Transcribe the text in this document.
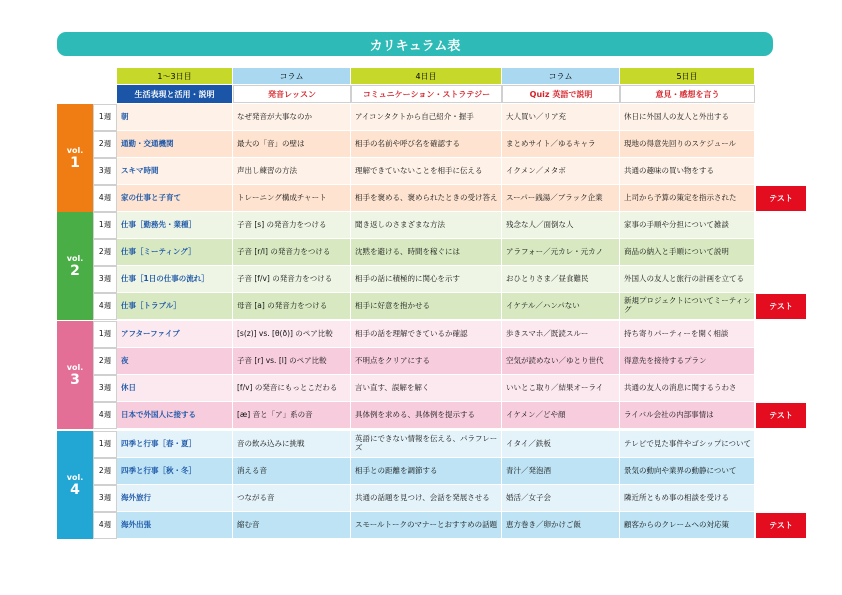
カリキュラム表
1～3日目	コラム	4日目	コラム	5日目
生活表現と活用・説明	発音レッスン	コミュニケーション・ストラテジー	Quiz 英語で説明	意見・感想を言う
vol.
1
1週	朝	なぜ発音が大事なのか	アイコンタクトから自己紹介・握手	大人買い／リア充	休日に外国人の友人と外出する
2週	通勤・交通機関	最大の「音」の壁は	相手の名前や呼び名を確認する	まとめサイト／ゆるキャラ	現地の得意先回りのスケジュール
3週	スキマ時間	声出し練習の方法	理解できていないことを相手に伝える	イクメン／メタボ	共通の趣味の買い物をする
4週	家の仕事と子育て	トレーニング構成チャート	相手を褒める、褒められたときの受け答え	スーパー銭湯／ブラック企業	上司から予算の策定を指示された	テスト
vol.
2
1週	仕事［勤務先・業種］	子音 [s] の発音力をつける	聞き返しのさまざまな方法	残念な人／面倒な人	家事の手順や分担について雑談
2週	仕事［ミーティング］	子音 [r/l] の発音力をつける	沈黙を避ける、時間を稼ぐには	アラフォー／元カレ・元カノ	商品の納入と手順について説明
3週	仕事［1日の仕事の流れ］	子音 [f/v] の発音力をつける	相手の話に積極的に関心を示す	おひとりさま／昼食難民	外国人の友人と旅行の計画を立てる
4週	仕事［トラブル］	母音 [a] の発音力をつける	相手に好意を抱かせる	イケテル／ハンパない	新規プロジェクトについてミーティング	テスト
vol.
3
1週	アフターファイブ	[s(z)] vs. [θ(ð)] のペア比較	相手の話を理解できているか確認	歩きスマホ／既読スルー	持ち寄りパーティーを開く相談
2週	夜	子音 [r] vs. [l] のペア比較	不明点をクリアにする	空気が読めない／ゆとり世代	得意先を接待するプラン
3週	休日	[f/v] の発音にもっとこだわる	言い直す、誤解を解く	いいとこ取り／結果オーライ	共通の友人の消息に関するうわさ
4週	日本で外国人に接する	[æ] 音と「ア」系の音	具体例を求める、具体例を提示する	イケメン／どや顔	ライバル会社の内部事情は	テスト
vol.
4
1週	四季と行事［春・夏］	音の飲み込みに挑戦	英語にできない情報を伝える、パラフレーズ	イタイ／鉄板	テレビで見た事件やゴシップについて
2週	四季と行事［秋・冬］	消える音	相手との距離を調節する	青汁／発泡酒	景気の動向や業界の動静について
3週	海外旅行	つながる音	共通の話題を見つけ、会話を発展させる	婚活／女子会	隣近所ともめ事の相談を受ける
4週	海外出張	縮む音	スモールトークのマナーとおすすめの話題	恵方巻き／卵かけご飯	顧客からのクレームへの対応策	テスト
